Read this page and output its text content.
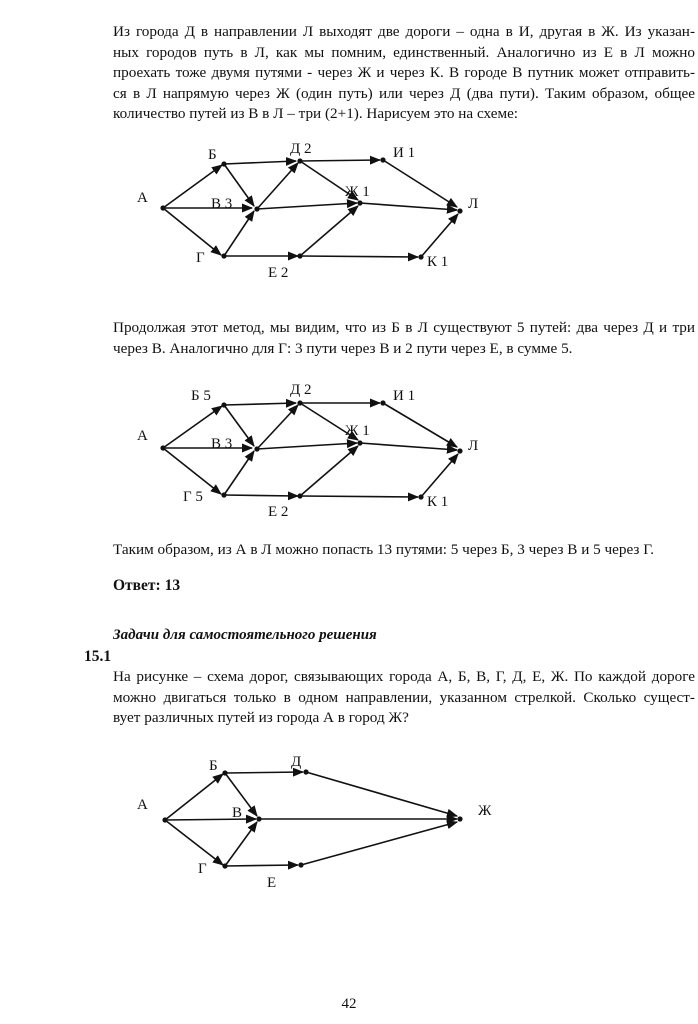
Из города Д в направлении Л выходят две дороги – одна в И, другая в Ж. Из указан-
ных городов путь в Л, как мы помним, единственный. Аналогично из Е в Л можно
проехать тоже двумя путями - через Ж и через К. В городе В путник может отправить-
ся в Л напрямую через Ж (один путь) или через Д (два пути). Таким образом, общее
количество путей из В в Л – три (2+1). Нарисуем это на схеме:
А
Б
В 3
Г
Д 2	И 1
Ж 1
Е 2
К 1
Л
Продолжая этот метод, мы видим, что из Б в Л существуют 5 путей: два через Д и три
через В. Аналогично для Г: 3 пути через В и 2 пути через Е, в сумме 5.
А
Б 5
В 3
Г 5
Д 2	И 1
Ж 1
Е 2
К 1
Л
Таким образом, из А в Л можно попасть 13 путями: 5 через Б, 3 через В и 5 через Г.
Ответ: 13
Задачи для самостоятельного решения
15.1
На рисунке – схема дорог, связывающих города А, Б, В, Г, Д, Е, Ж. По каждой дороге
можно двигаться только в одном направлении, указанном стрелкой. Сколько сущест-
вует различных путей из города А в город Ж?
А
Б
В
Г
Д
Е
Ж
42
